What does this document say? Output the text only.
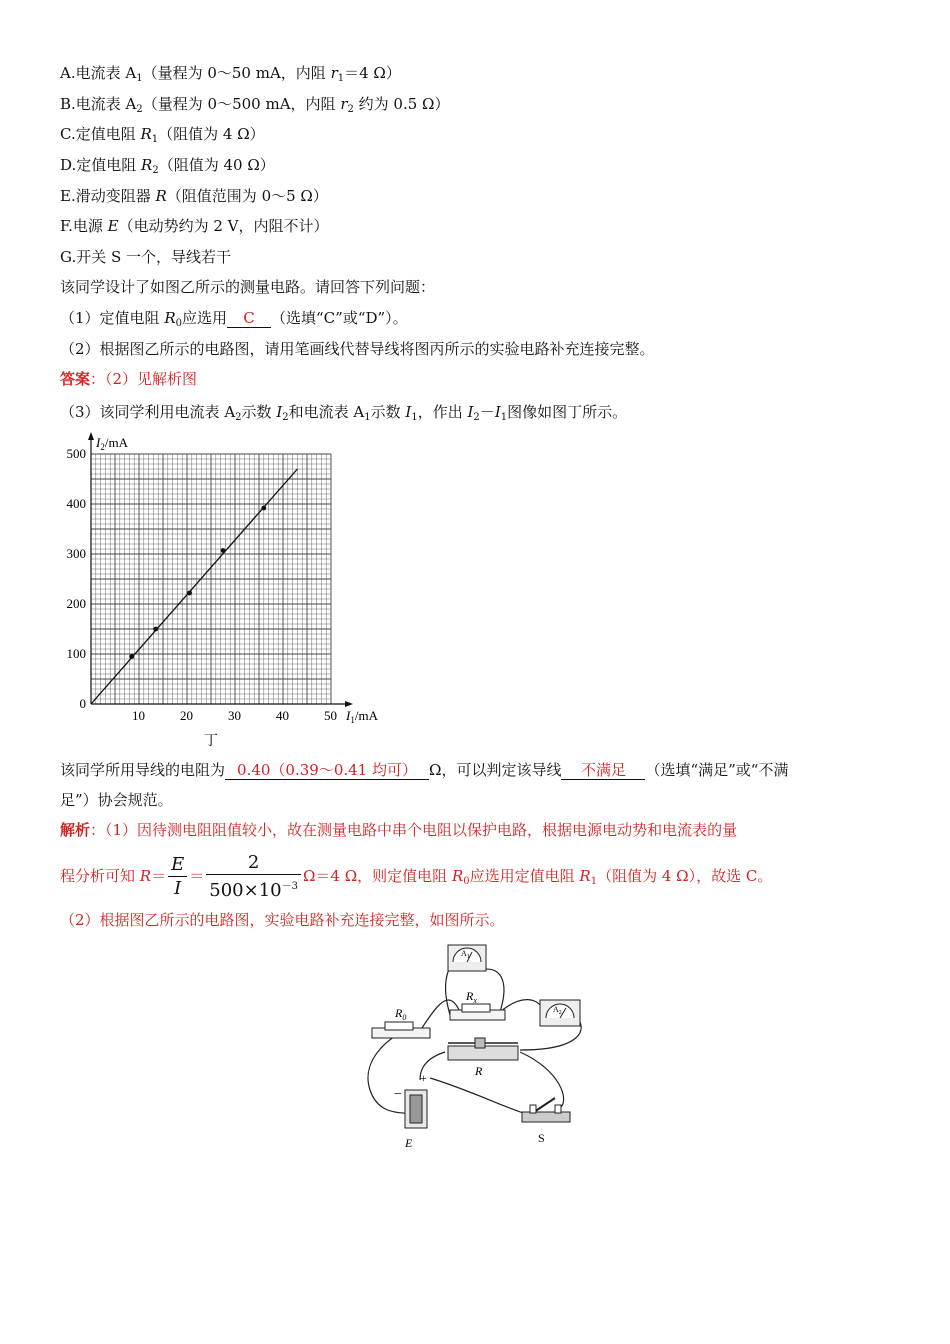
A.电流表 $A_1$（量程为 0～50 mA，内阻 $r_1=4$ Ω）
B.电流表 $A_2$（量程为 0～500 mA，内阻 $r_2$ 约为 0.5 Ω）
C.定值电阻 $R_1$（阻值为 4 Ω）
D.定值电阻 $R_2$（阻值为 40 Ω）
E.滑动变阻器 R（阻值范围为 0～5 Ω）
F.电源 E（电动势约为 2 V，内阻不计）
G.开关 S 一个，导线若干
该同学设计了如图乙所示的测量电路。请回答下列问题：
（1）定值电阻 $R_0$应选用 C （选填“C”或“D”）。
（2）根据图乙所示的电路图，请用笔画线代替导线将图丙所示的实验电路补充连接完整。
答案：（2）见解析图
（3）该同学利用电流表 $A_2$示数 $I_2$和电流表 $A_1$示数 $I_1$，作出 $I_2-I_1$图像如图丁所示。
10	20	30	40	50
0
100
200
300
400
500
$I_2/mA$
$I_1/mA$
丁
该同学所用导线的电阻为 0.40（0.39～0.41 均可） Ω，可以判定该导线 不满足 （选填“满足”或“不满
足”）协会规范。
解析：（1）因待测电阻阻值较小，故在测量电路中串个电阻以保护电路，根据电源电动势和电流表的量
程分析可知 $R= \frac{E}{I} = \frac{2}{500\times 10^{-3}} \Omega=4$ Ω，则定值电阻 $R_0$应选用定值电阻 $R_1$（阻值为 4 Ω），故选 C。
（2）根据图乙所示的电路图，实验电路补充连接完整，如图所示。
$A_1$
$R_x$
$A_2$
$R_0$
R
+
−
E	S
